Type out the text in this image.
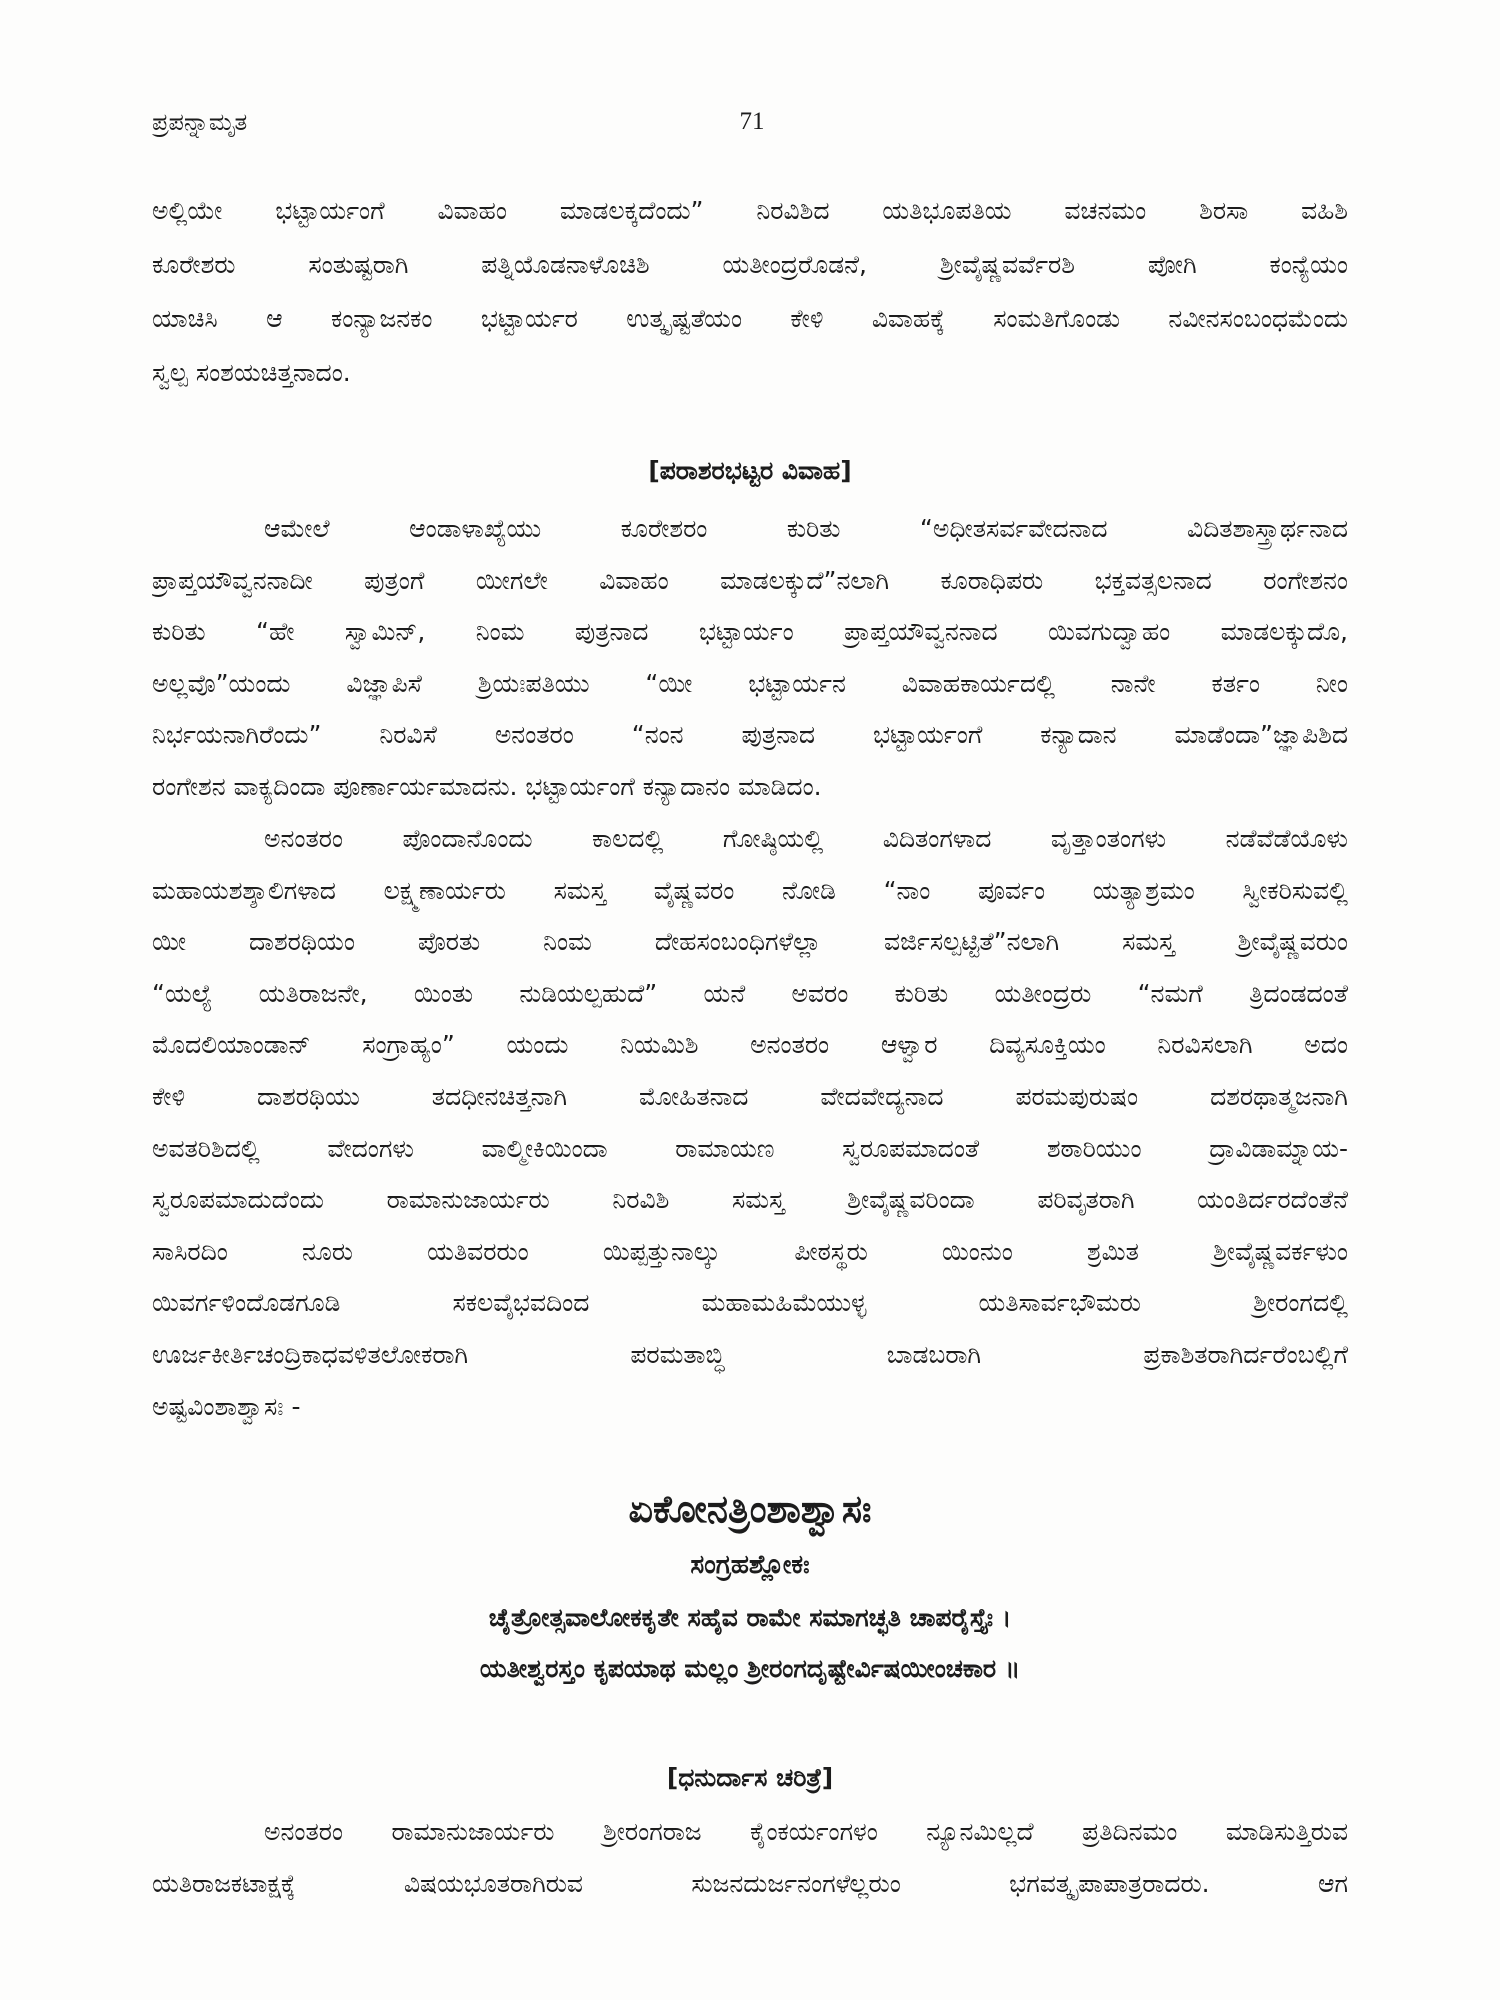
ಪ್ರಪನ್ನಾಮೃತ	71
ಅಲ್ಲಿಯೇ ಭಟ್ಟಾರ್ಯಂಗೆ ವಿವಾಹಂ ಮಾಡಲಕ್ಕದೆಂದು” ನಿರವಿಶಿದ ಯತಿಭೂಪತಿಯ ವಚನಮಂ ಶಿರಸಾ ವಹಿಶಿ
ಕೂರೇಶರು ಸಂತುಷ್ಟರಾಗಿ ಪತ್ನಿಯೊಡನಾಳೊಚಿಶಿ ಯತೀಂದ್ರರೊಡನೆ, ಶ್ರೀವೈಷ್ಣವರ್ವೆರಶಿ ಪೋಗಿ ಕಂನ್ಯೆಯಂ
ಯಾಚಿಸಿ ಆ ಕಂನ್ಯಾಜನಕಂ ಭಟ್ಟಾರ್ಯರ ಉತ್ಕೃಷ್ಟತೆಯಂ ಕೇಳಿ ವಿವಾಹಕ್ಕೆ ಸಂಮತಿಗೊಂಡು ನವೀನಸಂಬಂಧಮೆಂದು
ಸ್ವಲ್ಪ ಸಂಶಯಚಿತ್ತನಾದಂ.
[ಪರಾಶರಭಟ್ಟರ ವಿವಾಹ]
ಆಮೇಲೆ ಆಂಡಾಳಾಖ್ಯೆಯು ಕೂರೇಶರಂ ಕುರಿತು “ಅಧೀತಸರ್ವವೇದನಾದ ವಿದಿತಶಾಸ್ತ್ರಾರ್ಥನಾದ
ಪ್ರಾಪ್ತಯೌವ್ವನನಾದೀ ಪುತ್ರಂಗೆ ಯೀಗಲೇ ವಿವಾಹಂ ಮಾಡಲಕ್ಕುದೆ”ನಲಾಗಿ ಕೂರಾಧಿಪರು ಭಕ್ತವತ್ಸಲನಾದ ರಂಗೇಶನಂ
ಕುರಿತು “ಹೇ ಸ್ವಾಮಿನ್, ನಿಂಮ ಪುತ್ರನಾದ ಭಟ್ಟಾರ್ಯಂ ಪ್ರಾಪ್ತಯೌವ್ವನನಾದ ಯಿವಗುದ್ವಾಹಂ ಮಾಡಲಕ್ಕುದೊ,
ಅಲ್ಲವೊ”ಯಂದು ವಿಜ್ಞಾಪಿಸೆ ಶ್ರಿಯಃಪತಿಯು “ಯೀ ಭಟ್ಟಾರ್ಯನ ವಿವಾಹಕಾರ್ಯದಲ್ಲಿ ನಾನೇ ಕರ್ತಂ ನೀಂ
ನಿರ್ಭಯನಾಗಿರೆಂದು” ನಿರವಿಸೆ ಅನಂತರಂ “ನಂನ ಪುತ್ರನಾದ ಭಟ್ಟಾರ್ಯಂಗೆ ಕನ್ಯಾದಾನ ಮಾಡೆಂದಾ”ಜ್ಞಾಪಿಶಿದ
ರಂಗೇಶನ ವಾಕ್ಯದಿಂದಾ ಪೂರ್ಣಾರ್ಯಮಾದನು. ಭಟ್ಟಾರ್ಯಂಗೆ ಕನ್ಯಾದಾನಂ ಮಾಡಿದಂ.
ಅನಂತರಂ ಪೊಂದಾನೊಂದು ಕಾಲದಲ್ಲಿ ಗೋಷ್ಠಿಯಲ್ಲಿ ವಿದಿತಂಗಳಾದ ವೃತ್ತಾಂತಂಗಳು ನಡೆವೆಡೆಯೊಳು
ಮಹಾಯಶಶ್ಶಾಲಿಗಳಾದ ಲಕ್ಷ್ಮಣಾರ್ಯರು ಸಮಸ್ತ ವೈಷ್ಣವರಂ ನೋಡಿ “ನಾಂ ಪೂರ್ವಂ ಯತ್ಯಾಶ್ರಮಂ ಸ್ವೀಕರಿಸುವಲ್ಲಿ
ಯೀ ದಾಶರಥಿಯಂ ಪೊರತು ನಿಂಮ ದೇಹಸಂಬಂಧಿಗಳೆಲ್ಲಾ ವರ್ಜಿಸಲ್ಪಟ್ಟಿತೆ”ನಲಾಗಿ ಸಮಸ್ತ ಶ್ರೀವೈಷ್ಣವರುಂ
“ಯಲ್ಯೆ ಯತಿರಾಜನೇ, ಯಿಂತು ನುಡಿಯಲ್ಪಹುದೆ” ಯನೆ ಅವರಂ ಕುರಿತು ಯತೀಂದ್ರರು “ನಮಗೆ ತ್ರಿದಂಡದಂತೆ
ಮೊದಲಿಯಾಂಡಾನ್ ಸಂಗ್ರಾಹ್ಯಂ” ಯಂದು ನಿಯಮಿಶಿ ಅನಂತರಂ ಆಳ್ವಾರ ದಿವ್ಯಸೂಕ್ತಿಯಂ ನಿರವಿಸಲಾಗಿ ಅದಂ
ಕೇಳಿ ದಾಶರಥಿಯು ತದಧೀನಚಿತ್ತನಾಗಿ ಮೋಹಿತನಾದ ವೇದವೇದ್ಯನಾದ ಪರಮಪುರುಷಂ ದಶರಥಾತ್ಮಜನಾಗಿ
ಅವತರಿಶಿದಲ್ಲಿ ವೇದಂಗಳು ವಾಲ್ಮೀಕಿಯಿಂದಾ ರಾಮಾಯಣ ಸ್ವರೂಪಮಾದಂತೆ ಶಠಾರಿಯುಂ ದ್ರಾವಿಡಾಮ್ನಾಯ-
ಸ್ವರೂಪಮಾದುದೆಂದು ರಾಮಾನುಜಾರ್ಯರು ನಿರವಿಶಿ ಸಮಸ್ತ ಶ್ರೀವೈಷ್ಣವರಿಂದಾ ಪರಿವೃತರಾಗಿ ಯಂತಿರ್ದರದೆಂತೆನೆ
ಸಾಸಿರದಿಂ ನೂರು ಯತಿವರರುಂ ಯಿಪ್ಪತ್ತುನಾಲ್ಕು ಪೀಠಸ್ಥರು ಯಿಂನುಂ ಶ್ರಮಿತ ಶ್ರೀವೈಷ್ಣವರ್ಕಳುಂ
ಯಿವರ್ಗಳಿಂದೊಡಗೂಡಿ ಸಕಲವೈಭವದಿಂದ ಮಹಾಮಹಿಮೆಯುಳ್ಳ ಯತಿಸಾರ್ವಭೌಮರು ಶ್ರೀರಂಗದಲ್ಲಿ
ಊರ್ಜಕೀರ್ತಿಚಂದ್ರಿಕಾಧವಳಿತಲೋಕರಾಗಿ ಪರಮತಾಬ್ಧಿ ಬಾಡಬರಾಗಿ ಪ್ರಕಾಶಿತರಾಗಿರ್ದರೆಂಬಲ್ಲಿಗೆ
ಅಷ್ಟವಿಂಶಾಶ್ವಾಸಃ -
ಏಕೋನತ್ರಿಂಶಾಶ್ವಾಸಃ
ಸಂಗ್ರಹಶ್ಲೋಕಃ
ಚೈತ್ರೋತ್ಸವಾಲೋಕಕೃತೇ ಸಹೈವ ರಾಮೇ ಸಮಾಗಚ್ಛತಿ ಚಾಪರೈಸ್ತೈಃ ।
ಯತೀಶ್ವರಸ್ತಂ ಕೃಪಯಾಥ ಮಲ್ಲಂ ಶ್ರೀರಂಗದೃಷ್ಟೇರ್ವಿಷಯೀಂಚಕಾರ ॥
[ಧನುರ್ದಾಸ ಚರಿತ್ರೆ]
ಅನಂತರಂ ರಾಮಾನುಜಾರ್ಯರು ಶ್ರೀರಂಗರಾಜ ಕೈಂಕರ್ಯಂಗಳಂ ನ್ಯೂನಮಿಲ್ಲದೆ ಪ್ರತಿದಿನಮಂ ಮಾಡಿಸುತ್ತಿರುವ
ಯತಿರಾಜಕಟಾಕ್ಷಕ್ಕೆ ವಿಷಯಭೂತರಾಗಿರುವ ಸುಜನದುರ್ಜನಂಗಳೆಲ್ಲರುಂ ಭಗವತ್ಕೃಪಾಪಾತ್ರರಾದರು. ಆಗ
